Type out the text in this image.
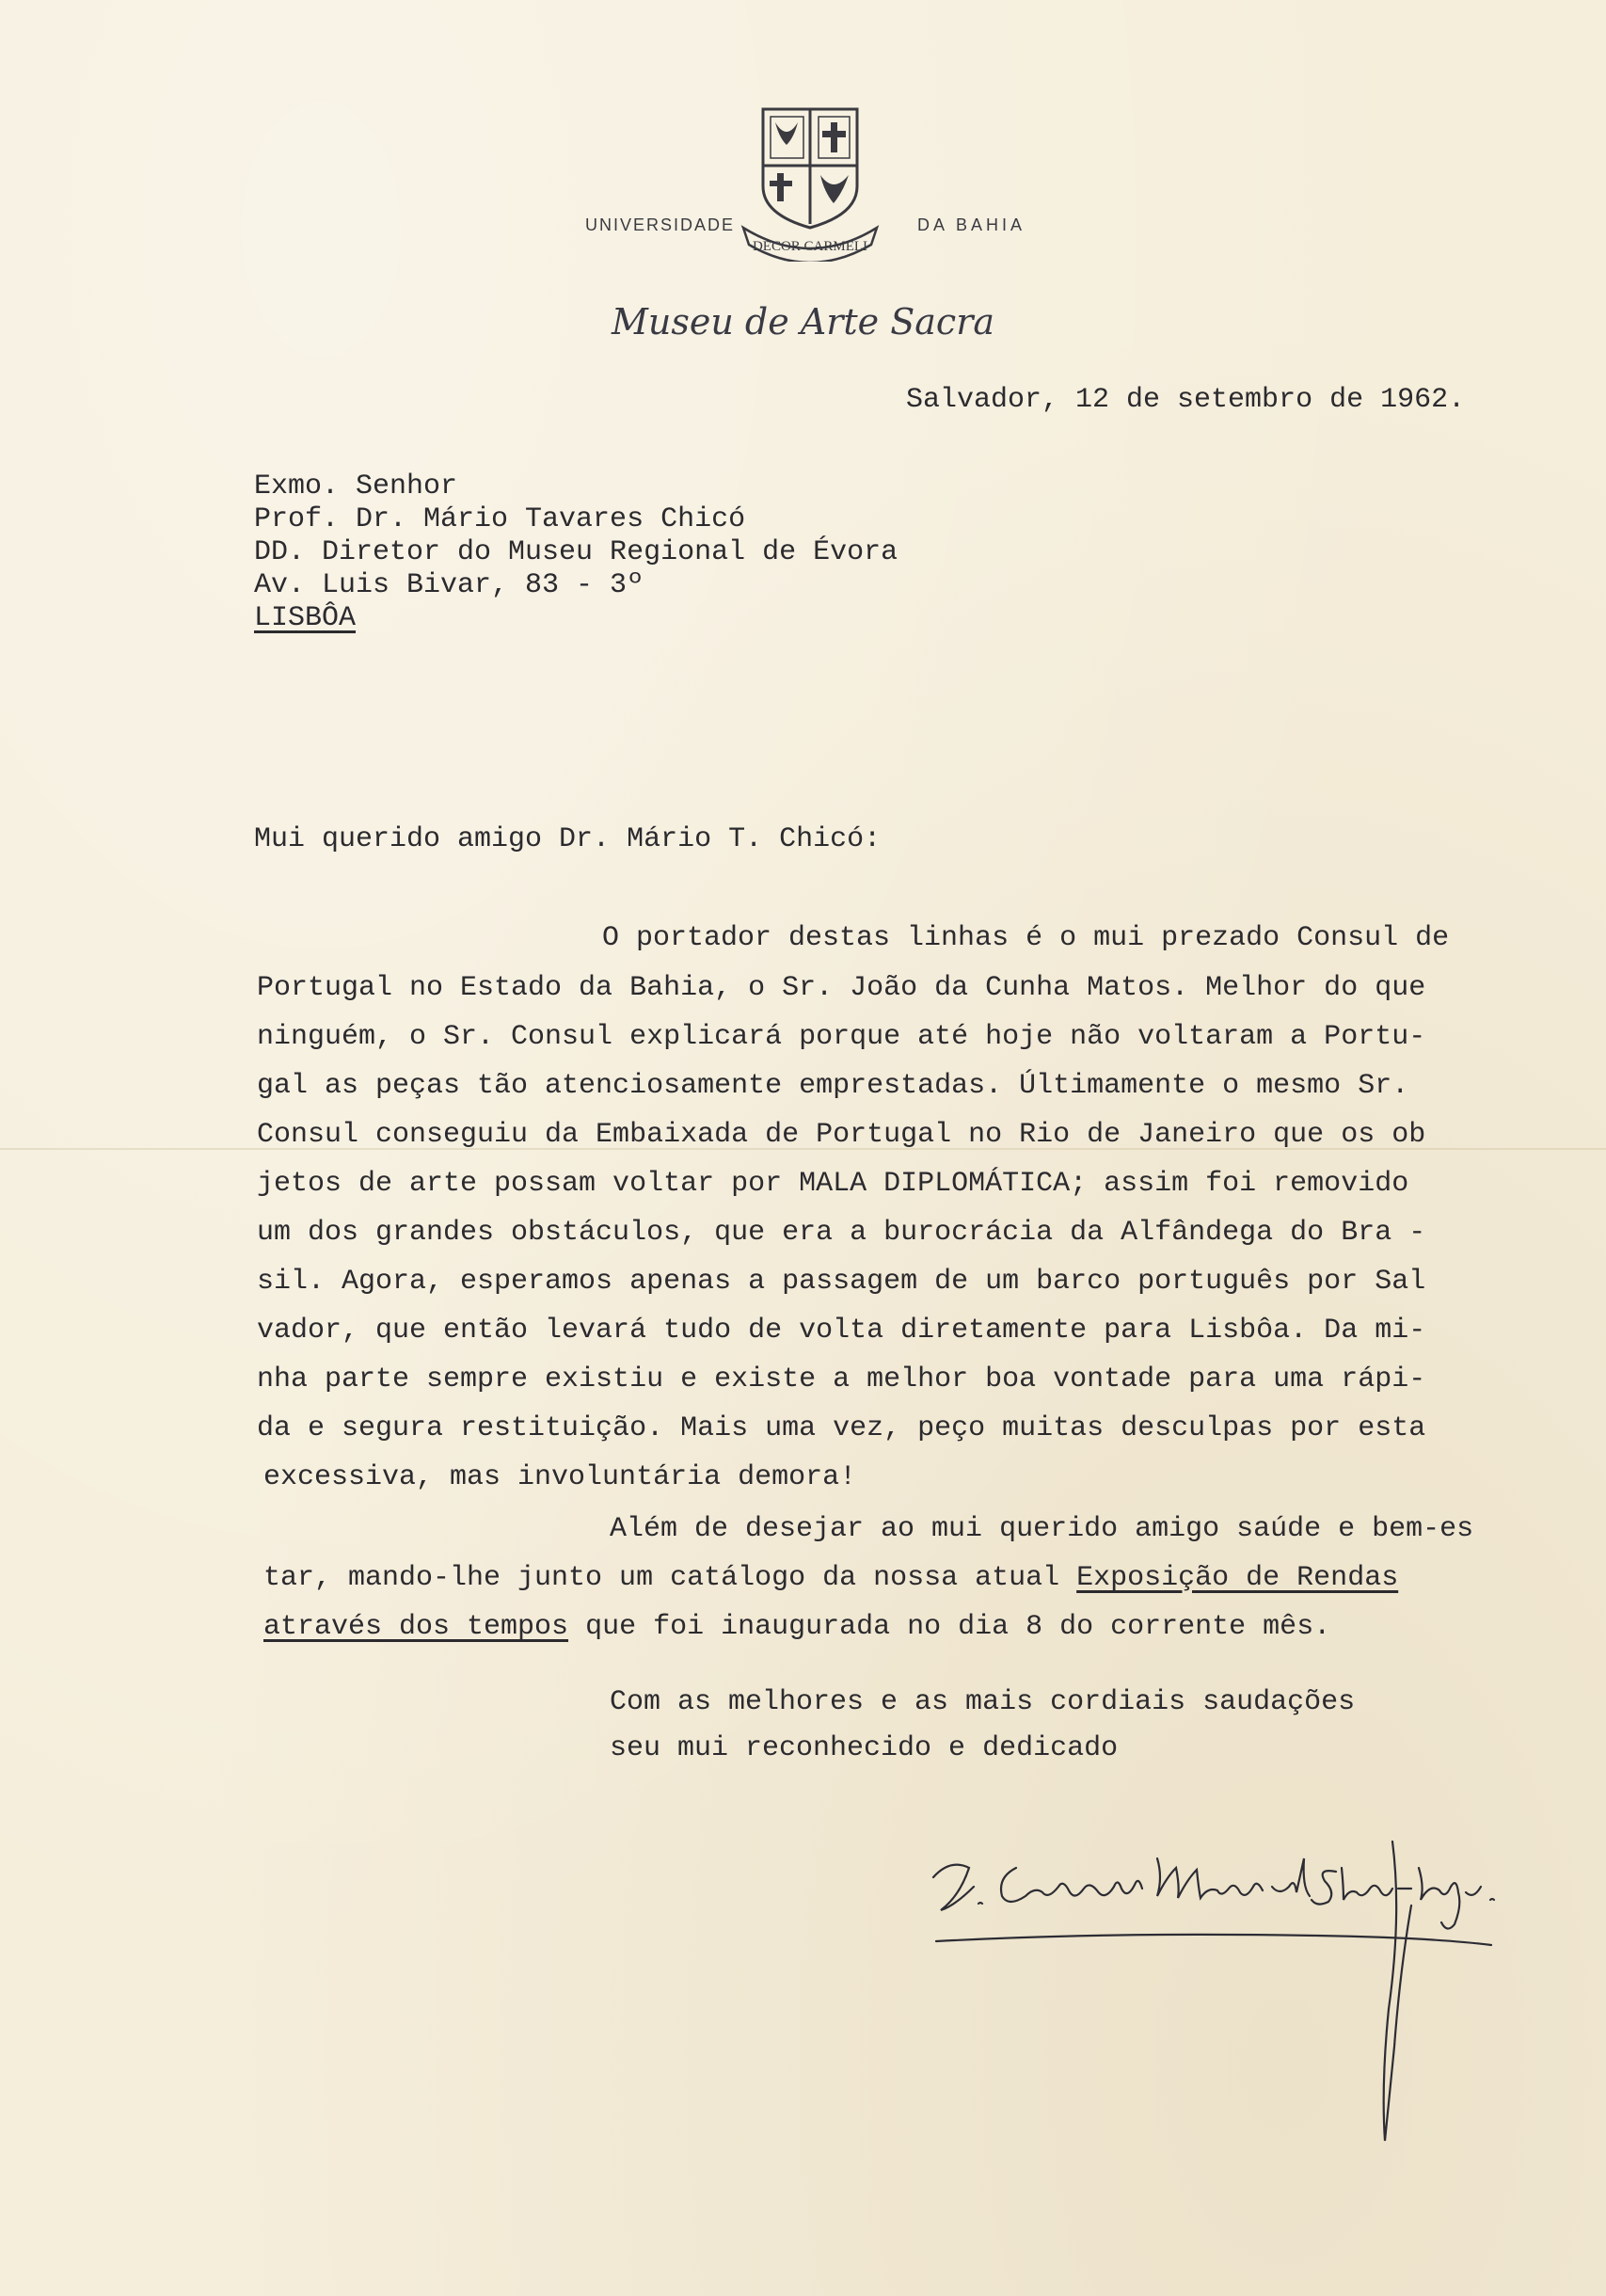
DECOR CARMELI
UNIVERSIDADE	DA BAHIA
Museu de Arte Sacra
Salvador, 12 de setembro de 1962.
Exmo. Senhor
Prof. Dr. Mário Tavares Chicó
DD. Diretor do Museu Regional de Évora
Av. Luis Bivar, 83 - 3º
LISBÔA
Mui querido amigo Dr. Mário T. Chicó:
O portador destas linhas é o mui prezado Consul de
Portugal no Estado da Bahia, o Sr. João da Cunha Matos. Melhor do que
ninguém, o Sr. Consul explicará porque até hoje não voltaram a Portu-
gal as peças tão atenciosamente emprestadas. Últimamente o mesmo Sr.
Consul conseguiu da Embaixada de Portugal no Rio de Janeiro que os ob
jetos de arte possam voltar por MALA DIPLOMÁTICA; assim foi removido
um dos grandes obstáculos, que era a burocrácia da Alfândega do Bra -
sil. Agora, esperamos apenas a passagem de um barco português por Sal
vador, que então levará tudo de volta diretamente para Lisbôa. Da mi-
nha parte sempre existiu e existe a melhor boa vontade para uma rápi-
da e segura restituição. Mais uma vez, peço muitas desculpas por esta
excessiva, mas involuntária demora!
Além de desejar ao mui querido amigo saúde e bem-es
tar, mando-lhe junto um catálogo da nossa atual Exposição de Rendas
através dos tempos que foi inaugurada no dia 8 do corrente mês.
Com as melhores e as mais cordiais saudações
seu mui reconhecido e dedicado
D. Clemente Maria da Silva-Nigra
